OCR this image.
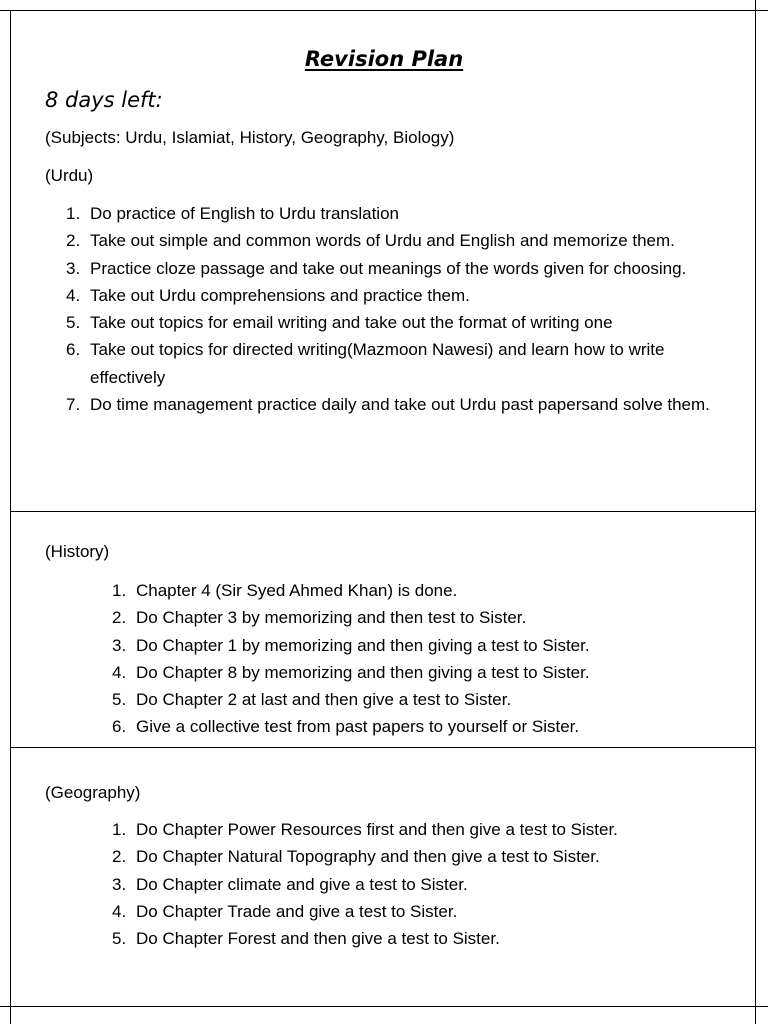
Revision Plan
8 days left:
(Subjects: Urdu, Islamiat, History, Geography, Biology)
(Urdu)
1. Do practice of English to Urdu translation
2. Take out simple and common words of Urdu and English and memorize them.
3. Practice cloze passage and take out meanings of the words given for choosing.
4. Take out Urdu comprehensions and practice them.
5. Take out topics for email writing and take out the format of writing one
6. Take out topics for directed writing(Mazmoon Nawesi) and learn how to write effectively
7. Do time management practice daily and take out Urdu past papersand solve them.
(History)
1. Chapter 4 (Sir Syed Ahmed Khan) is done.
2. Do Chapter 3 by memorizing and then test to Sister.
3. Do Chapter 1 by memorizing and then giving a test to Sister.
4. Do Chapter 8 by memorizing and then giving a test to Sister.
5. Do Chapter 2 at last and then give a test to Sister.
6. Give a collective test from past papers to yourself or Sister.
(Geography)
1. Do Chapter Power Resources first and then give a test to Sister.
2. Do Chapter Natural Topography and then give a test to Sister.
3. Do Chapter climate and give a test to Sister.
4. Do Chapter Trade and give a test to Sister.
5. Do Chapter Forest and then give a test to Sister.
